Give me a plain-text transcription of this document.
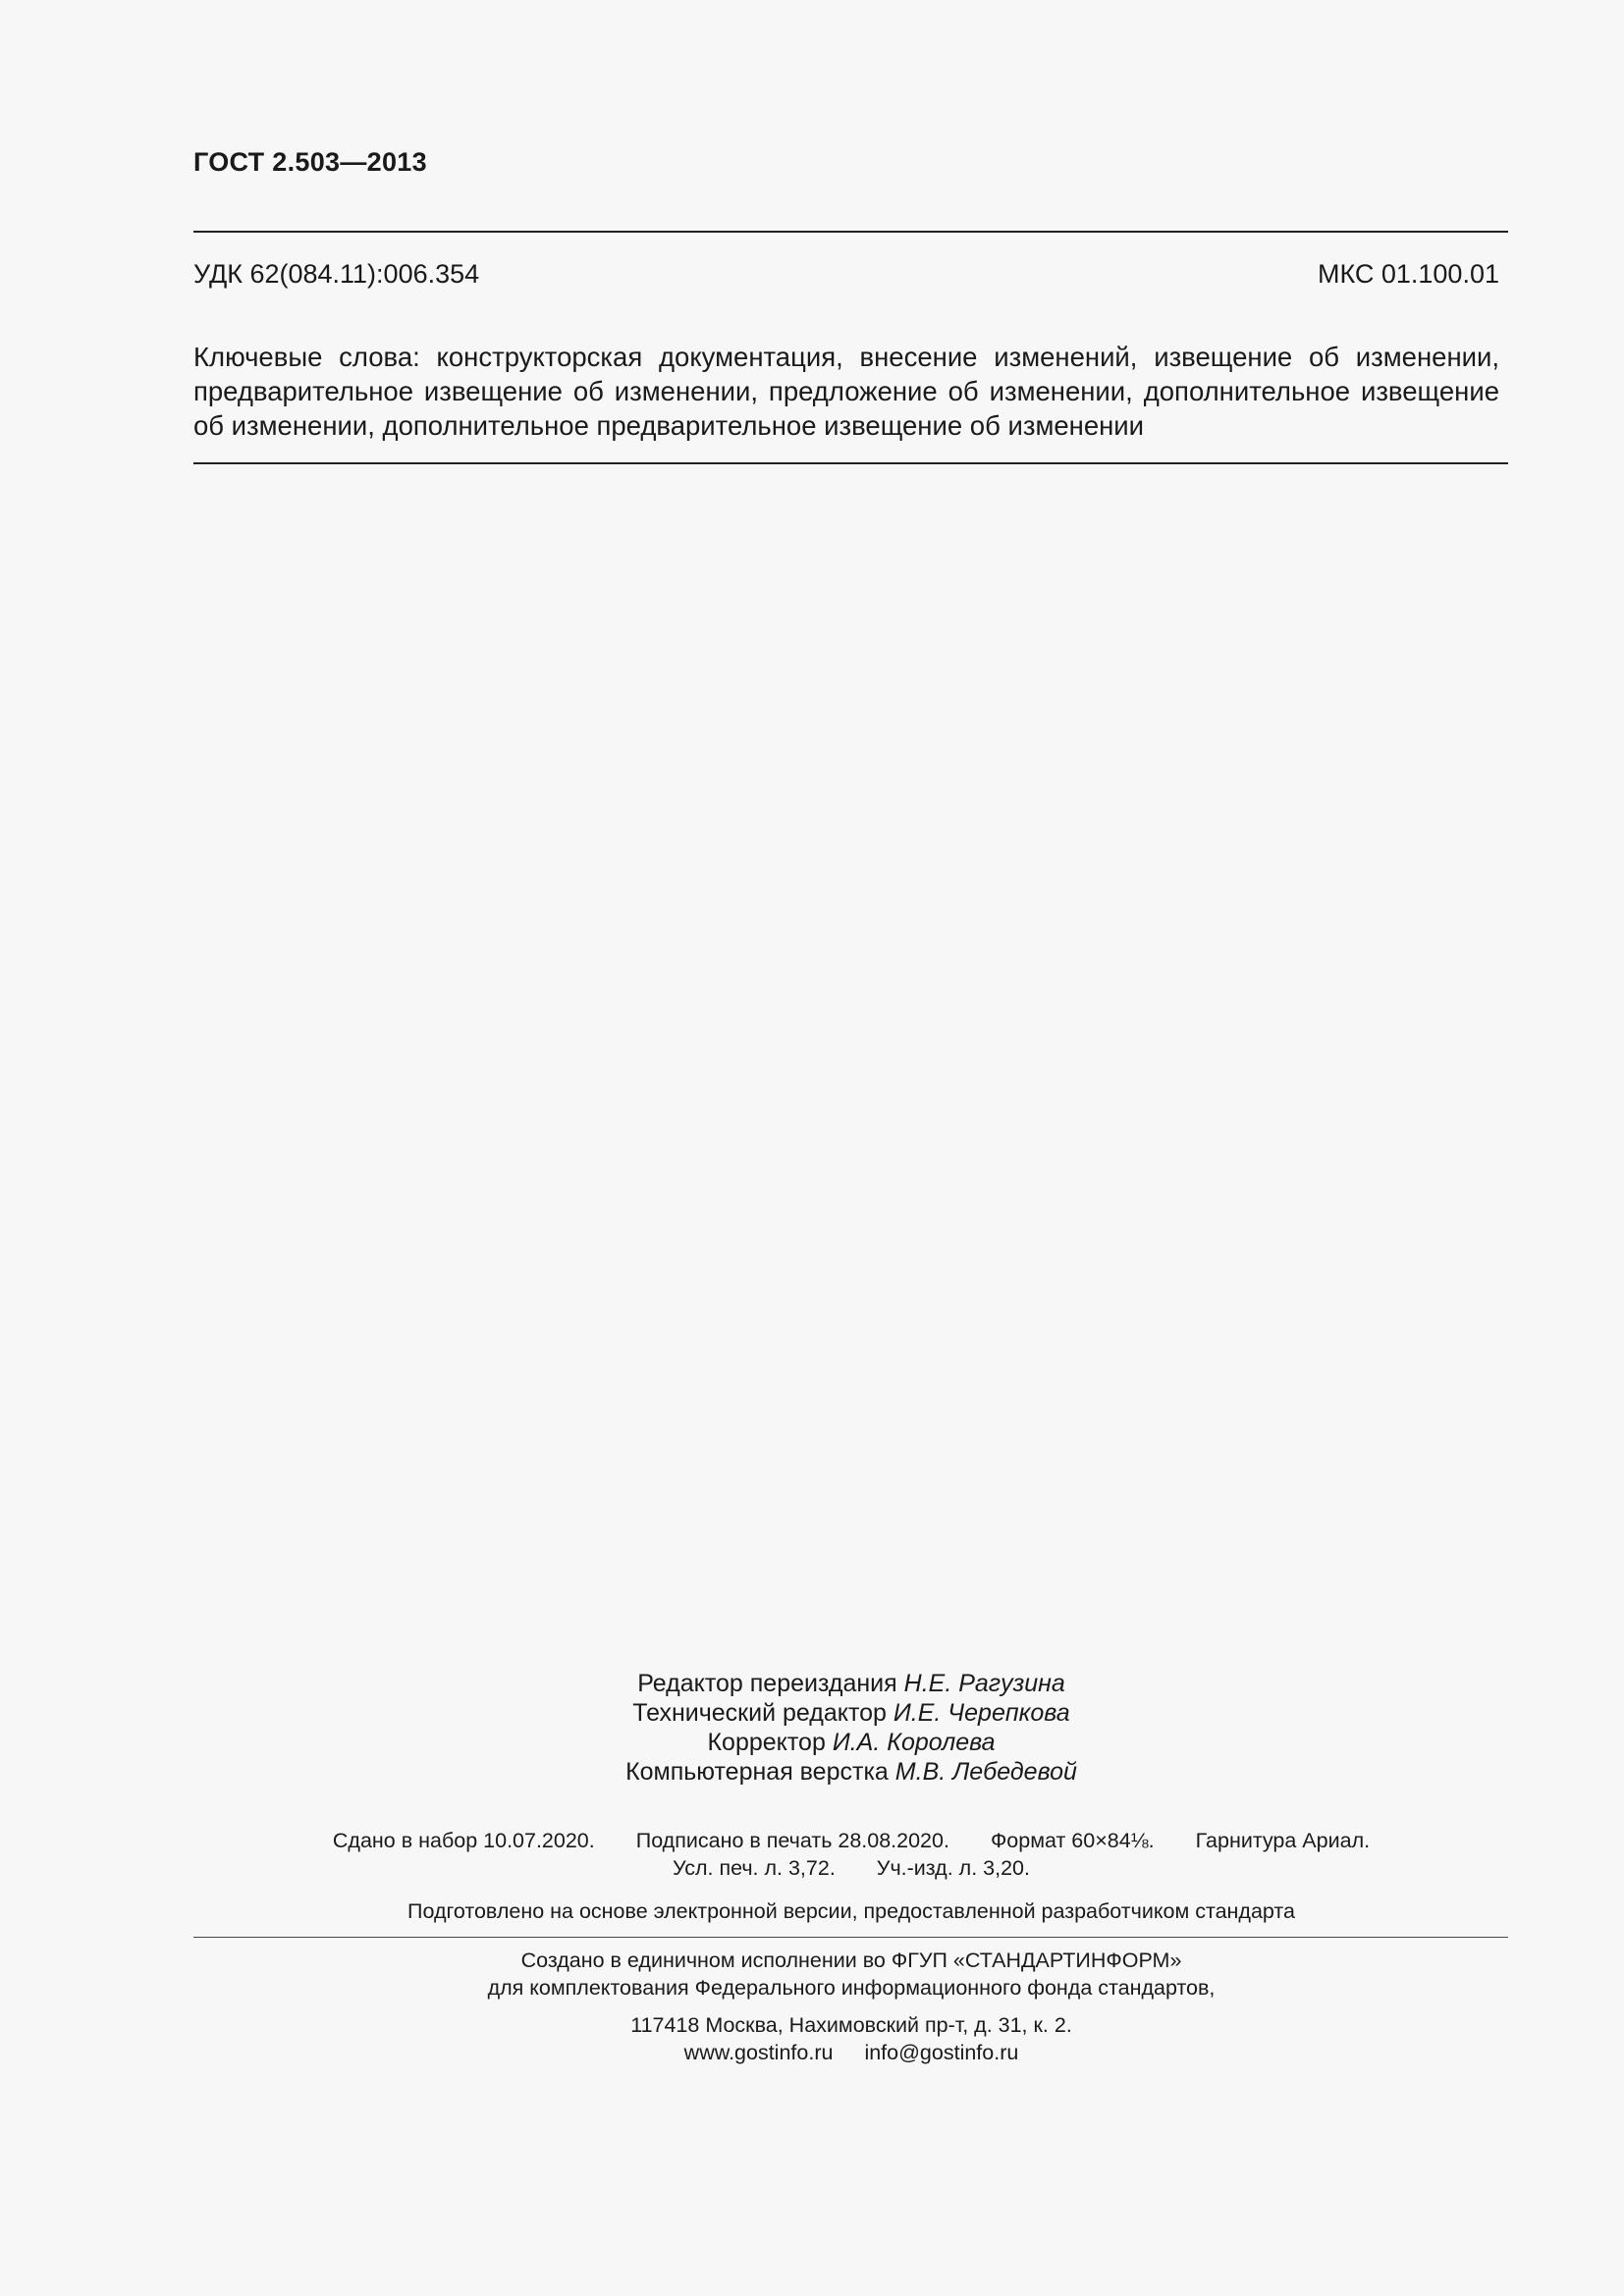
ГОСТ 2.503—2013
УДК 62(084.11):006.354	МКС 01.100.01
Ключевые слова: конструкторская документация, внесение изменений, извещение об изменении, предварительное извещение об изменении, предложение об изменении, дополнительное извещение об изменении, дополнительное предварительное извещение об изменении
Редактор переиздания Н.Е. Рагузина
Технический редактор И.Е. Черепкова
Корректор И.А. Королева
Компьютерная верстка М.В. Лебедевой
Сдано в набор 10.07.2020. Подписано в печать 28.08.2020. Формат 60×84⅛. Гарнитура Ариал.
Усл. печ. л. 3,72. Уч.-изд. л. 3,20.
Подготовлено на основе электронной версии, предоставленной разработчиком стандарта
Создано в единичном исполнении во ФГУП «СТАНДАРТИНФОРМ»
для комплектования Федерального информационного фонда стандартов,
117418 Москва, Нахимовский пр-т, д. 31, к. 2.
www.gostinfo.ru info@gostinfo.ru
